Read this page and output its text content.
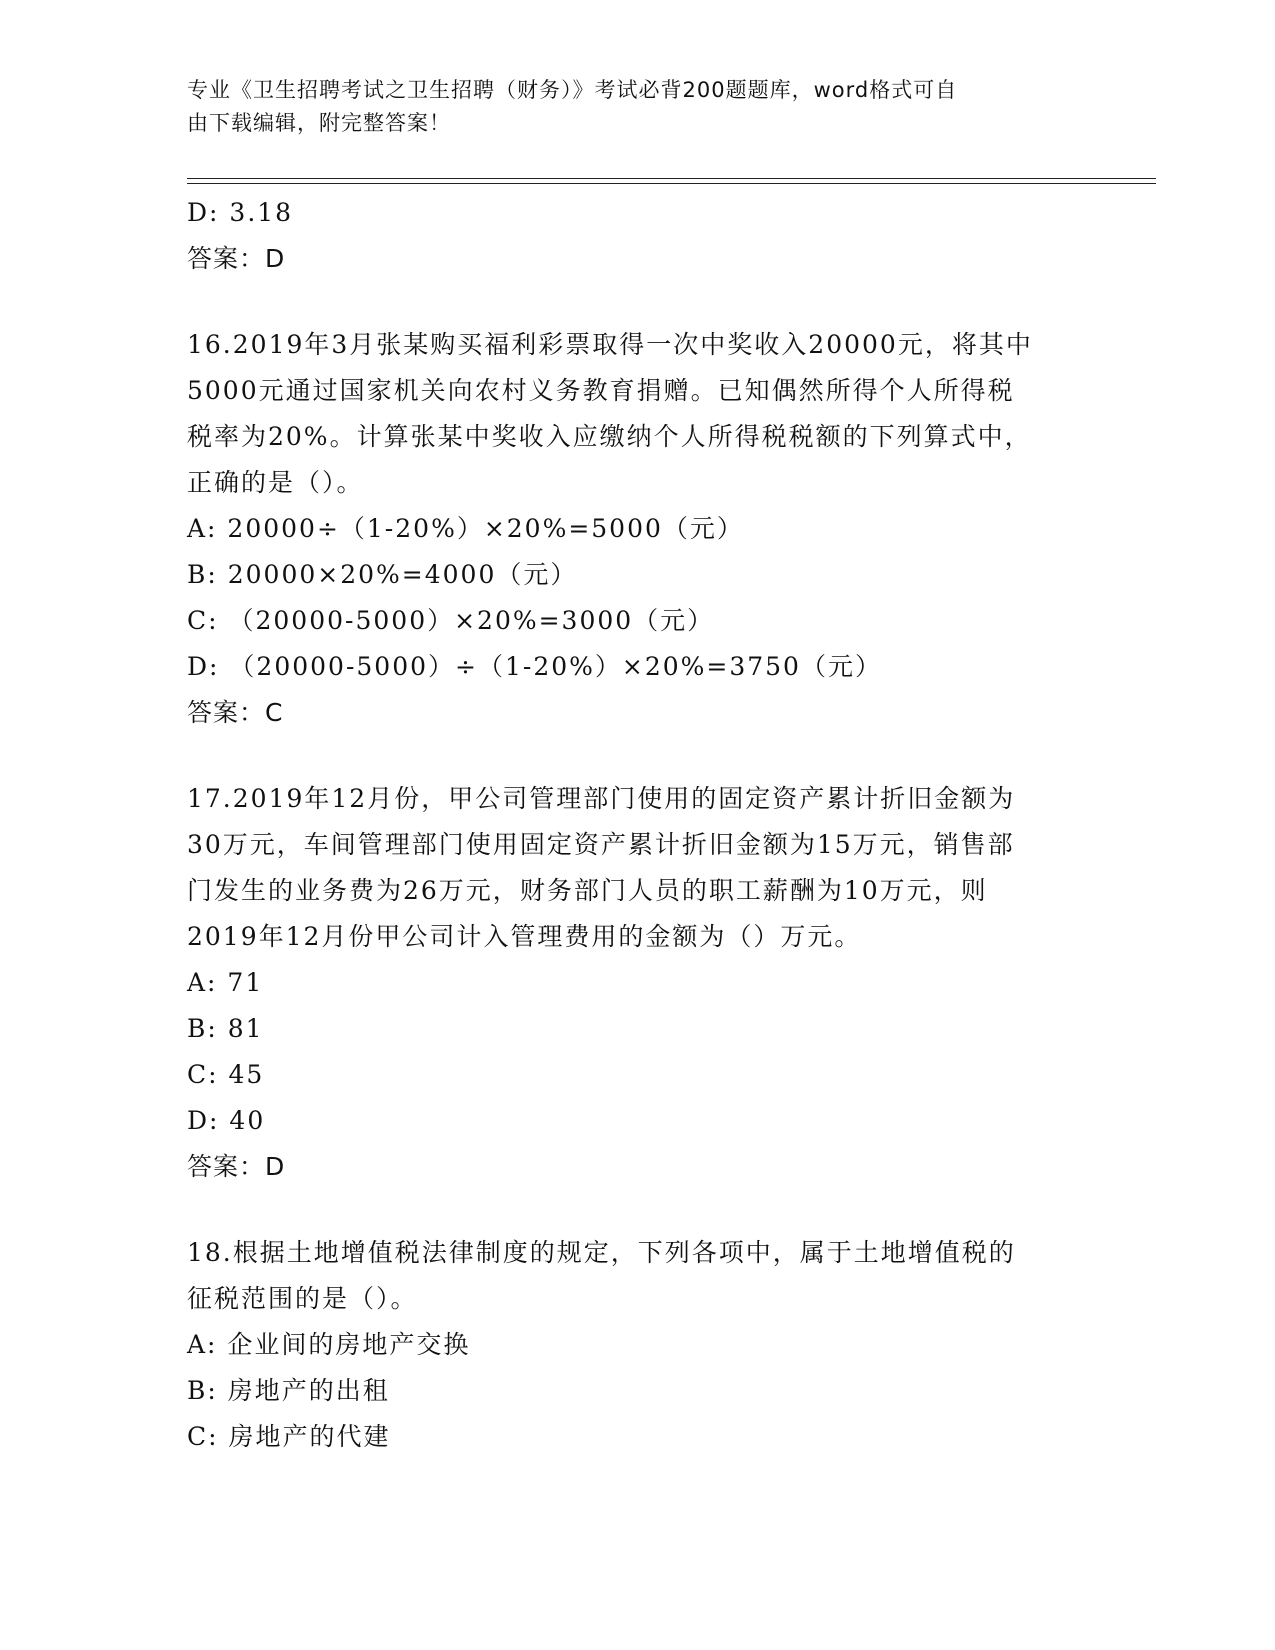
专业《卫生招聘考试之卫生招聘（财务）》考试必背200题题库，word格式可自
由下载编辑，附完整答案！
D: 3.18
答案：D
16.2019年3月张某购买福利彩票取得一次中奖收入20000元，将其中
5000元通过国家机关向农村义务教育捐赠。已知偶然所得个人所得税
税率为20%。计算张某中奖收入应缴纳个人所得税税额的下列算式中，
正确的是（）。
A: 20000÷（1-20%）×20%=5000（元）
B: 20000×20%=4000（元）
C: （20000-5000）×20%=3000（元）
D: （20000-5000）÷（1-20%）×20%=3750（元）
答案：C
17.2019年12月份，甲公司管理部门使用的固定资产累计折旧金额为
30万元，车间管理部门使用固定资产累计折旧金额为15万元，销售部
门发生的业务费为26万元，财务部门人员的职工薪酬为10万元，则
2019年12月份甲公司计入管理费用的金额为（）万元。
A: 71
B: 81
C: 45
D: 40
答案：D
18.根据土地增值税法律制度的规定，下列各项中，属于土地增值税的
征税范围的是（）。
A: 企业间的房地产交换
B: 房地产的出租
C: 房地产的代建
